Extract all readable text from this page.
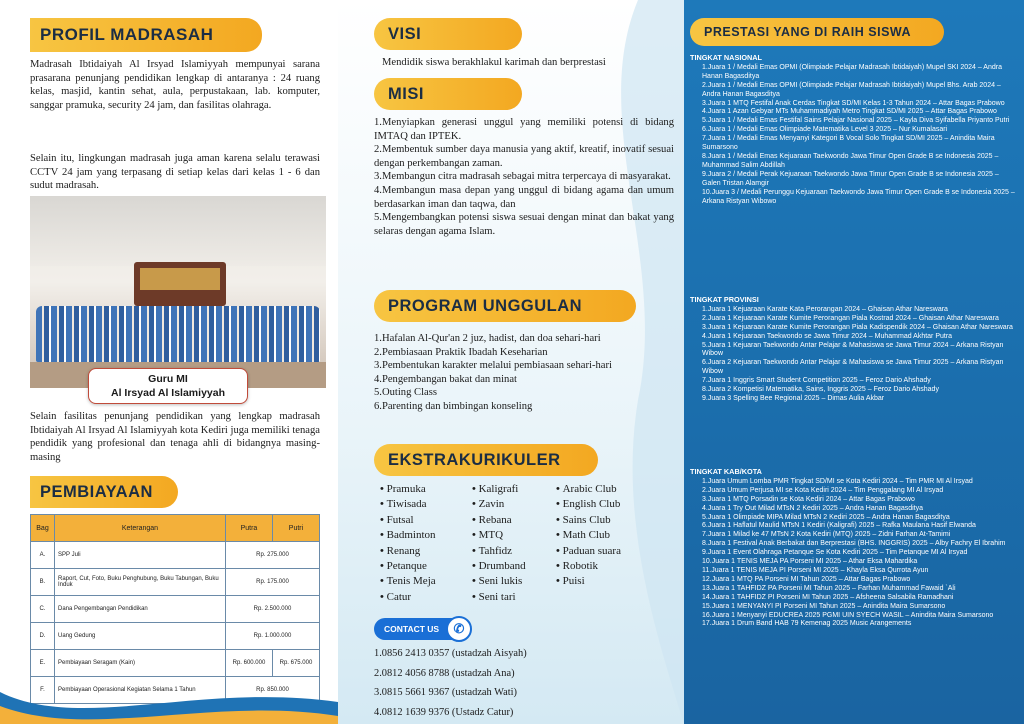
PROFIL MADRASAH
Madrasah Ibtidaiyah Al Irsyad Islamiyyah mempunyai sarana prasarana penunjang pendidikan lengkap di antaranya : 24 ruang kelas, masjid, kantin sehat, aula, perpustakaan, lab. komputer, sanggar pramuka, security 24 jam, dan fasilitas olahraga.
Selain itu, lingkungan madrasah juga aman karena selalu terawasi CCTV 24 jam yang terpasang di setiap kelas dari kelas 1 - 6 dan sudut madrasah.
Guru MI
Al Irsyad Al Islamiyyah
Selain fasilitas penunjang pendidikan yang lengkap madrasah Ibtidaiyah Al Irsyad Al Islamiyyah kota Kediri juga memiliki tenaga pendidik yang profesional dan tenaga ahli di bidangnya masing-masing
PEMBIAYAAN
Bag	Keterangan	Putra	Putri
A.	SPP Juli	Rp. 275.000	
B.	Raport, Cut, Foto, Buku Penghubung, Buku Tabungan, Buku Induk	Rp. 175.000	
C.	Dana Pengembangan Pendidikan	Rp. 2.500.000	
D.	Uang Gedung	Rp. 1.000.000	
E.	Pembiayaan Seragam (Kain)	Rp. 600.000	Rp. 675.000
F.	Pembiayaan Operasional Kegiatan Selama 1 Tahun	Rp. 850.000	

VISI
Mendidik siswa berakhlakul karimah dan berprestasi
MISI
1.Menyiapkan generasi unggul yang memiliki potensi di bidang IMTAQ dan IPTEK.
2.Membentuk sumber daya manusia yang aktif, kreatif, inovatif sesuai dengan perkembangan zaman.
3.Membangun citra madrasah sebagai mitra terpercaya di masyarakat.
4.Membangun masa depan yang unggul di bidang agama dan umum berdasarkan iman dan taqwa, dan
5.Mengembangkan potensi siswa sesuai dengan minat dan bakat yang selaras dengan agama Islam.
PROGRAM UNGGULAN
1.Hafalan Al-Qur'an 2 juz, hadist, dan doa sehari-hari
2.Pembiasaan Praktik Ibadah Keseharian
3.Pembentukan karakter melalui pembiasaan sehari-hari
4.Pengembangan bakat dan minat
5.Outing Class
6.Parenting dan bimbingan konseling
EKSTRAKURIKULER
• Pramuka
• Tiwisada
• Futsal
• Badminton
• Renang
• Petanque
• Tenis Meja
• Catur
• Kaligrafi
• Zavin
• Rebana
• MTQ
• Tahfidz
• Drumband
• Seni lukis
• Seni tari
• Arabic Club
• English Club
• Sains Club
• Math Club
• Paduan suara
• Robotik
• Puisi
CONTACT US	✆
1.0856 2413 0357 (ustadzah Aisyah)
2.0812 4056 8788 (ustadzah Ana)
3.0815 5661 9367 (ustadzah Wati)
4.0812 1639 9376 (Ustadz Catur)
PRESTASI YANG DI RAIH SISWA
TINGKAT NASIONAL
1.Juara 1 / Medali Emas OPMI (Olimpiade Pelajar Madrasah Ibtidaiyah) Mupel SKI 2024 – Andra Hanan Bagasditya
2.Juara 1 / Medali Emas OPMI (Olimpiade Pelajar Madrasah Ibtidaiyah) Mupel Bhs. Arab 2024 – Andra Hanan Bagasditya
3.Juara 1 MTQ Festifal Anak Cerdas Tingkat SD/MI Kelas 1-3 Tahun 2024 – Attar Bagas Prabowo
4.Juara 1 Azan Gebyar MTs Muhammadiyah Metro Tingkat SD/MI 2025 – Attar Bagas Prabowo
5.Juara 1 / Medali Emas Festifal Sains Pelajar Nasional 2025 – Kayla Diva Syifabella Priyanto Putri
6.Juara 1 / Medali Emas Olimpiade Matematika Level 3 2025 – Nur Kumalasari
7.Juara 1 / Medali Emas Menyanyi Kategori B Vocal Solo Tingkat SD/MI 2025 – Anindita Maira Sumarsono
8.Juara 1 / Medali Emas Kejuaraan Taekwondo Jawa Timur Open Grade B se Indonesia 2025 – Muhammad Salim Abdillah
9.Juara 2 / Medali Perak Kejuaraan Taekwondo Jawa Timur Open Grade B se Indonesia 2025 – Galen Tristan Alamgir
10.Juara 3 / Medali Perunggu Kejuaraan Taekwondo Jawa Timur Open Grade B se Indonesia 2025 – Arkana Ristyan Wibowo
TINGKAT PROVINSI
1.Juara 1 Kejuaraan Karate Kata Perorangan 2024 – Ghaisan Athar Nareswara
2.Juara 1 Kejuaraan Karate Kumite Perorangan Piala Kostrad 2024 – Ghaisan Athar Nareswara
3.Juara 1 Kejuaraan Karate Kumite Perorangan Piala Kadispendik 2024 – Ghaisan Athar Nareswara
4.Juara 1 Kejuaraan Taekwondo se Jawa Timur 2024 – Muhammad Akhtar Putra
5.Juara 1 Kejuaran Taekwondo Antar Pelajar & Mahasiswa se Jawa Timur 2024 – Arkana Ristyan Wibow
6.Juara 2 Kejuaran Taekwondo Antar Pelajar & Mahasiswa se Jawa Timur 2025 – Arkana Ristyan Wibow
7.Juara 1 Inggris Smart Student Competition 2025 – Feroz Dario Ahshady
8.Juara 2 Kompetisi Matematika, Sains, Inggris 2025 – Feroz Dario Ahshady
9.Juara 3 Spelling Bee Regional 2025 – Dimas Aulia Akbar
TINGKAT KAB/KOTA
1.Juara Umum Lomba PMR Tingkat SD/MI se Kota Kediri 2024 – Tim PMR MI Al Irsyad
2.Juara Umum Perjusa MI se Kota Kediri 2024 – Tim Penggalang MI Al Irsyad
3.Juara 1 MTQ Porsadin se Kota Kediri 2024 – Attar Bagas Prabowo
4.Juara 1 Try Out Milad MTsN 2 Kediri 2025 – Andra Hanan Bagasditya
5.Juara 1 Olimpiade MIPA Milad MTsN 2 Kediri 2025 – Andra Hanan Bagasditya
6.Juara 1 Haflatul Maulid MTsN 1 Kediri (Kaligrafi) 2025 – Rafka Maulana Hasif Elwanda
7.Juara 1 Milad ke 47 MTsN 2 Kota Kediri (MTQ) 2025 – Zidni Farhan At-Tamimi
8.Juara 1 Festival Anak Berbakat dan Berprestasi (BHS. INGGRIS) 2025 – Alby Fachry El Ibrahim
9.Juara 1 Event Olahraga Petanque Se Kota Kediri 2025 – Tim Petanque MI Al Irsyad
10.Juara 1 TENIS MEJA PA Porseni MI 2025 – Athar Eksa Mahardika
11.Juara 1 TENIS MEJA PI Porseni MI 2025 – Khayla Eksa Qurrota Ayun
12.Juara 1 MTQ PA Porseni MI Tahun 2025 – Attar Bagas Prabowo
13.Juara 1 TAHFIDZ PA Porseni MI Tahun 2025 – Farhan Muhammad Fawaid `Ali
14.Juara 1 TAHFIDZ PI Porseni MI Tahun 2025 – Afsheena Salsabila Ramadhani
15.Juara 1 MENYANYI PI Porseni MI Tahun 2025 – Anindita Maira Sumarsono
16.Juara 1 Menyanyi EDUCREA 2025 PGMI UIN SYECH WASIL – Anindita Maira Sumarsono
17.Juara 1 Drum Band HAB 79 Kemenag 2025 Music Arangements
